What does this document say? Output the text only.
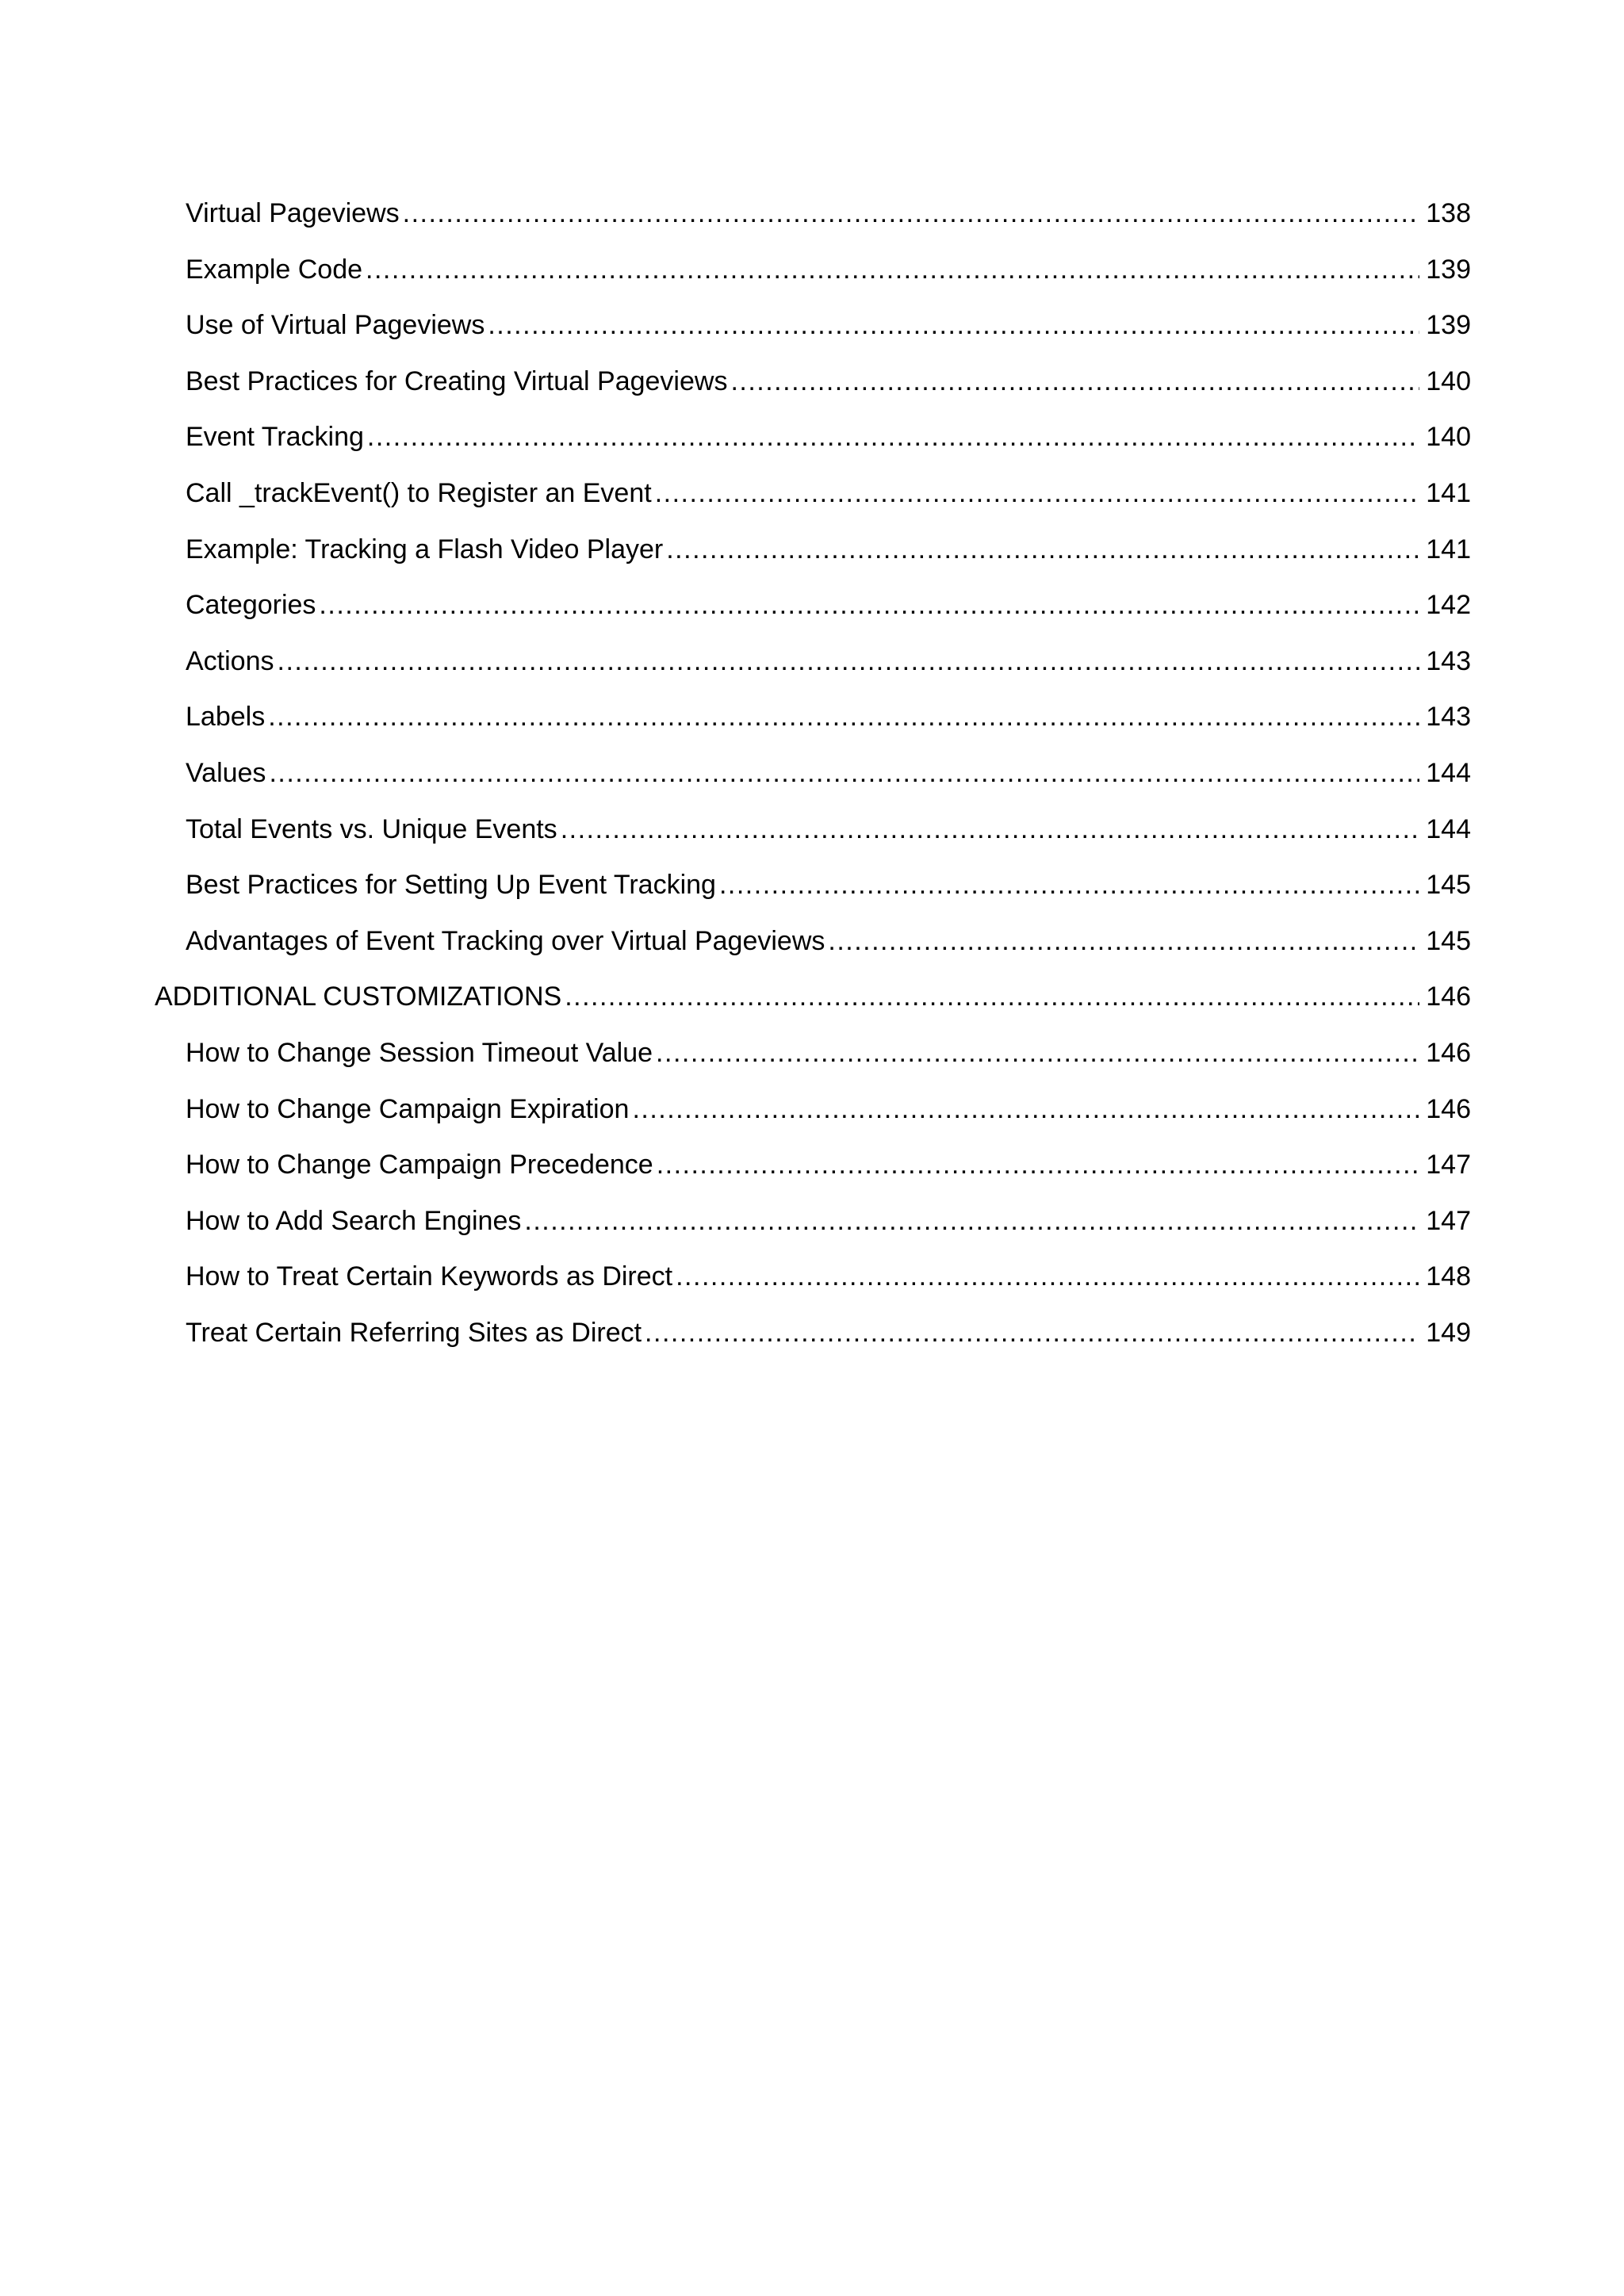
Virtual Pageviews .....	138
Example Code .....	139
Use of Virtual Pageviews .....	139
Best Practices for Creating Virtual Pageviews .....	140
Event Tracking .....	140
Call _trackEvent() to Register an Event .....	141
Example: Tracking a Flash Video Player .....	141
Categories .....	142
Actions .....	143
Labels .....	143
Values .....	144
Total Events vs. Unique Events .....	144
Best Practices for Setting Up Event Tracking .....	145
Advantages of Event Tracking over Virtual Pageviews .....	145
ADDITIONAL CUSTOMIZATIONS .....	146
How to Change Session Timeout Value .....	146
How to Change Campaign Expiration .....	146
How to Change Campaign Precedence .....	147
How to Add Search Engines .....	147
How to Treat Certain Keywords as Direct .....	148
Treat Certain Referring Sites as Direct .....	149
